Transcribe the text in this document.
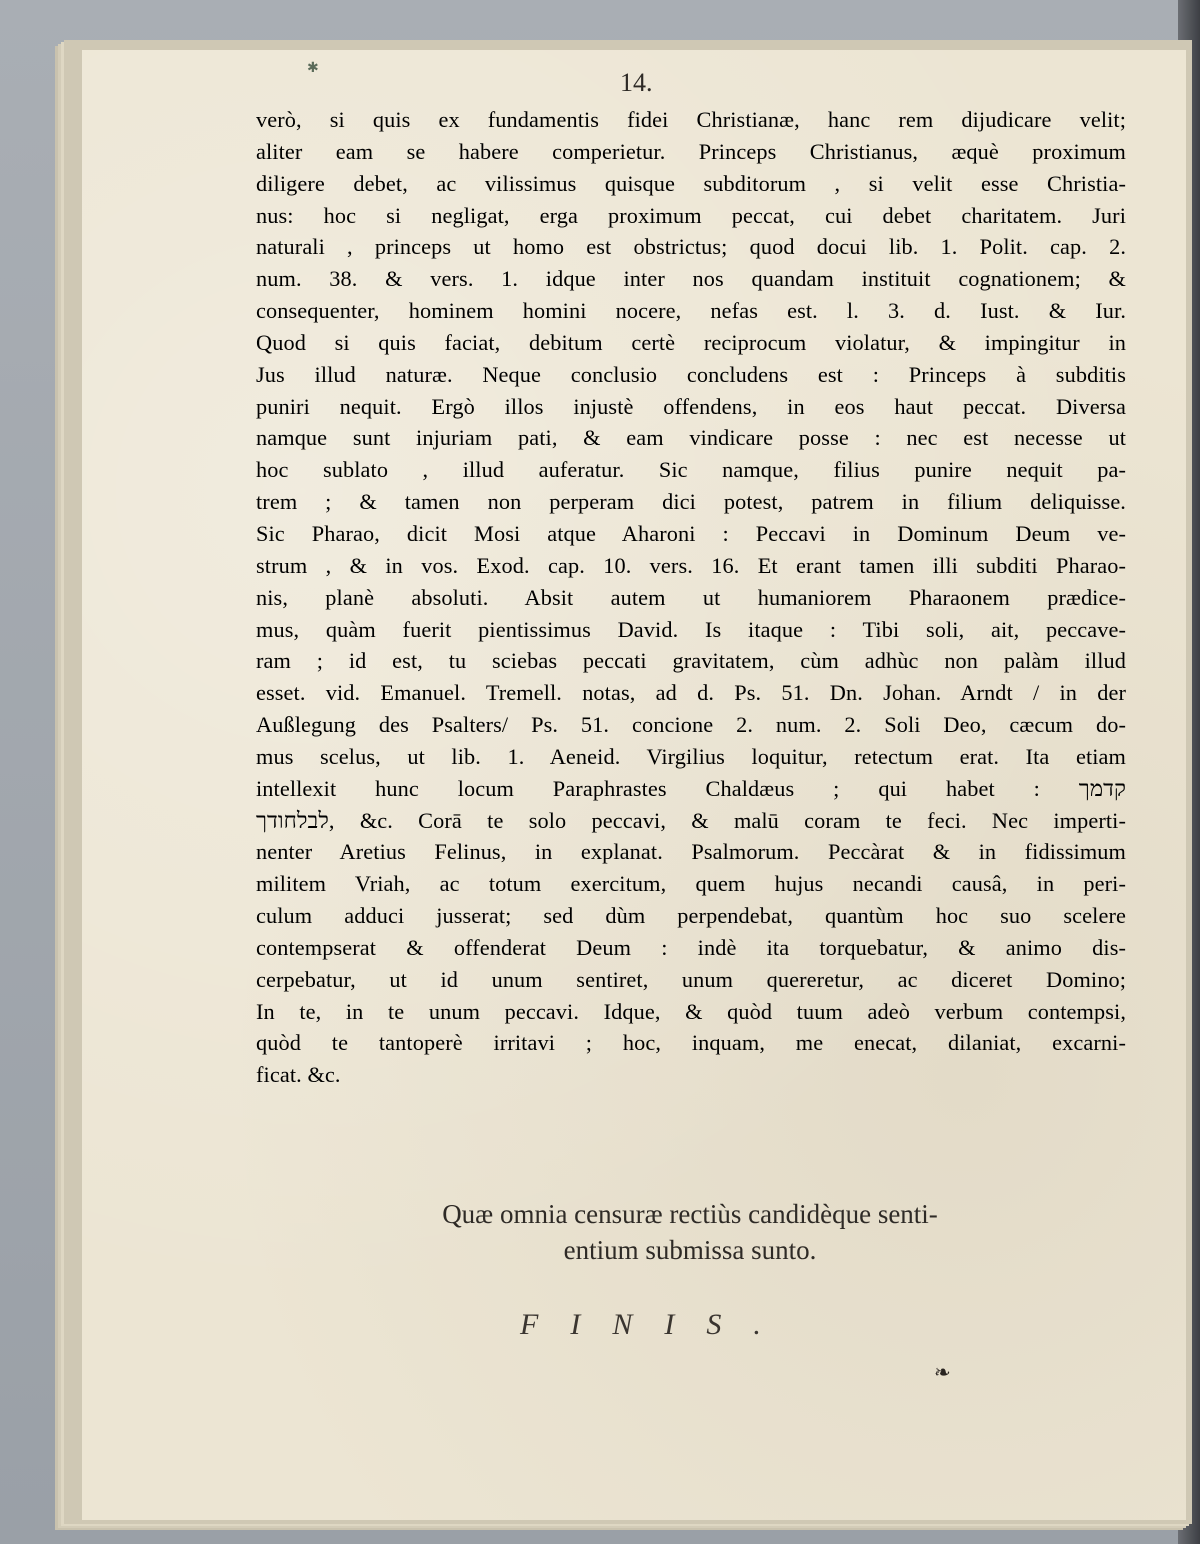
✱	14.
verò, si quis ex fundamentis fidei Christianæ, hanc rem dijudicare velit;
aliter eam se habere comperietur. Princeps Christianus, æquè proximum
diligere debet, ac vilissimus quisque subditorum , si velit esse Christia-
nus: hoc si negligat, erga proximum peccat, cui debet charitatem. Juri
naturali , princeps ut homo est obstrictus; quod docui lib. 1. Polit. cap. 2.
num. 38. & vers. 1. idque inter nos quandam instituit cognationem; &
consequenter, hominem homini nocere, nefas est. l. 3. d. Iust. & Iur.
Quod si quis faciat, debitum certè reciprocum violatur, & impingitur in
Jus illud naturæ. Neque conclusio concludens est : Princeps à subditis
puniri nequit. Ergò illos injustè offendens, in eos haut peccat. Diversa
namque sunt injuriam pati, & eam vindicare posse : nec est necesse ut
hoc sublato , illud auferatur. Sic namque, filius punire nequit pa-
trem ; & tamen non perperam dici potest, patrem in filium deliquisse.
Sic Pharao, dicit Mosi atque Aharoni : Peccavi in Dominum Deum ve-
strum , & in vos. Exod. cap. 10. vers. 16. Et erant tamen illi subditi Pharao-
nis, planè absoluti. Absit autem ut humaniorem Pharaonem prædice-
mus, quàm fuerit pientissimus David. Is itaque : Tibi soli, ait, peccave-
ram ; id est, tu sciebas peccati gravitatem, cùm adhùc non palàm illud
esset. vid. Emanuel. Tremell. notas, ad d. Ps. 51. Dn. Johan. Arndt / in der
Außlegung des Psalters/ Ps. 51. concione 2. num. 2. Soli Deo, cæcum do-
mus scelus, ut lib. 1. Aeneid. Virgilius loquitur, retectum erat. Ita etiam
intellexit hunc locum Paraphrastes Chaldæus ; qui habet : קדמך
לבלחודך, &c. Corā te solo peccavi, & malū coram te feci. Nec imperti-
nenter Aretius Felinus, in explanat. Psalmorum. Peccàrat & in fidissimum
militem Vriah, ac totum exercitum, quem hujus necandi causâ, in peri-
culum adduci jusserat; sed dùm perpendebat, quantùm hoc suo scelere
contempserat & offenderat Deum : indè ita torquebatur, & animo dis-
cerpebatur, ut id unum sentiret, unum quereretur, ac diceret Domino;
In te, in te unum peccavi. Idque, & quòd tuum adeò verbum contempsi,
quòd te tantoperè irritavi ; hoc, inquam, me enecat, dilaniat, excarni-
ficat. &c.
Quæ omnia censuræ rectiùs candidèque senti-
entium submissa sunto.
FINIS.
❧
